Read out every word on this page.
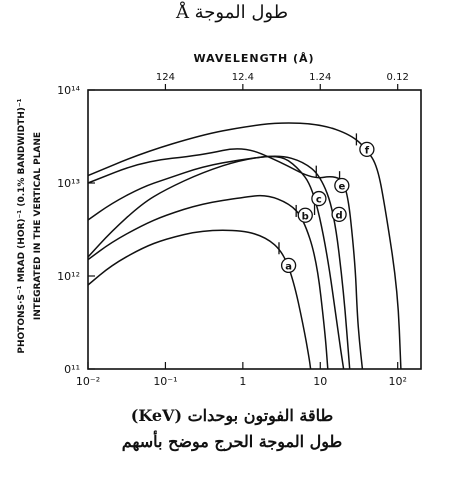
طول الموجة Å
WAVELENGTH (Å)
PHOTONS·S⁻¹ MRAD (HOR)⁻¹ (0.1% BANDWIDTH)⁻¹ INTEGRATED IN THE VERTICAL PLANE
10⁻²	10⁻¹	1	10	10²
124	12.4	1.24	0.12
10¹⁴
10¹³
10¹²
0¹¹
a
b
c
d
e
f
طاقة الفوتون بوحدات (KeV)
طول الموجة الحرج موضح بأسهم
